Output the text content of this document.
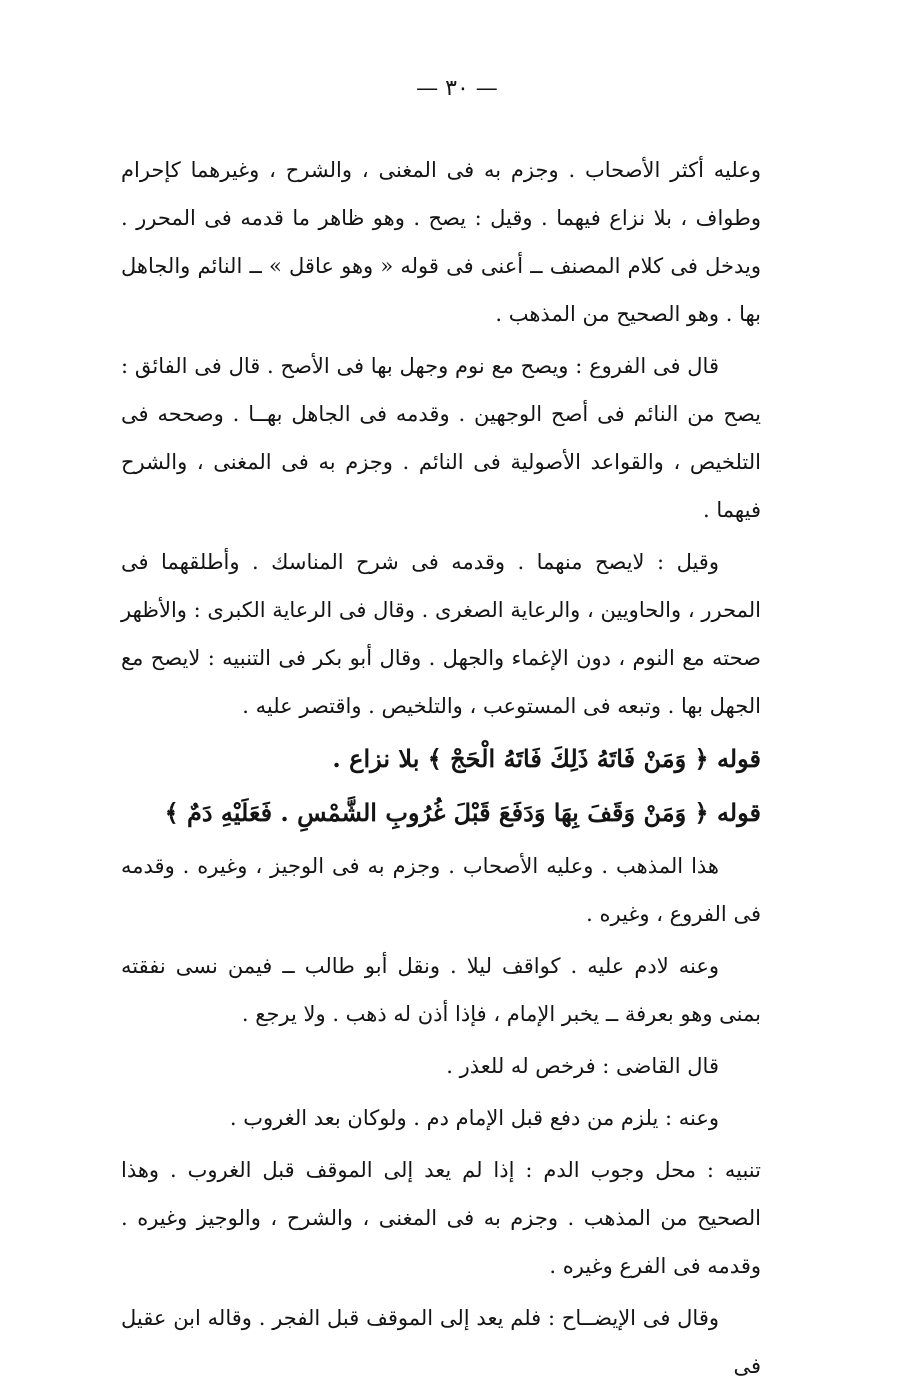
— ٣٠ —

وعليه أكثر الأصحاب . وجزم به فى المغنى ، والشرح ، وغيرهما كإحرام وطواف ، بلا نزاع فيهما . وقيل : يصح . وهو ظاهر ما قدمه فى المحرر . ويدخل فى كلام المصنف ــ أعنى فى قوله « وهو عاقل » ــ النائم والجاهل بها . وهو الصحيح من المذهب .

قال فى الفروع : ويصح مع نوم وجهل بها فى الأصح . قال فى الفائق : يصح من النائم فى أصح الوجهين . وقدمه فى الجاهل بهــا . وصححه فى التلخيص ، والقواعد الأصولية فى النائم . وجزم به فى المغنى ، والشرح فيهما .

وقيل : لايصح منهما . وقدمه فى شرح المناسك . وأطلقهما فى المحرر ، والحاويين ، والرعاية الصغرى . وقال فى الرعاية الكبرى : والأظهر صحته مع النوم ، دون الإغماء والجهل . وقال أبو بكر فى التنبيه : لايصح مع الجهل بها . وتبعه فى المستوعب ، والتلخيص . واقتصر عليه .

قوله ﴿ وَمَنْ فَاتَهُ ذَلِكَ فَاتَهُ الْحَجْ ﴾ بلا نزاع .

قوله ﴿ وَمَنْ وَقَفَ بِهَا وَدَفَعَ قَبْلَ غُرُوبِ الشَّمْسِ . فَعَلَيْهِ دَمٌ ﴾

هذا المذهب . وعليه الأصحاب . وجزم به فى الوجيز ، وغيره . وقدمه فى الفروع ، وغيره .

وعنه لادم عليه . كواقف ليلا . ونقل أبو طالب ــ فيمن نسى نفقته بمنى وهو بعرفة ــ يخبر الإمام ، فإذا أذن له ذهب . ولا يرجع .

قال القاضى : فرخص له للعذر .

وعنه : يلزم من دفع قبل الإمام دم . ولوكان بعد الغروب .

تنبيه : محل وجوب الدم : إذا لم يعد إلى الموقف قبل الغروب . وهذا الصحيح من المذهب . وجزم به فى المغنى ، والشرح ، والوجيز وغيره . وقدمه فى الفرع وغيره .

وقال فى الإيضــاح : فلم يعد إلى الموقف قبل الفجر . وقاله ابن عقيل فى
